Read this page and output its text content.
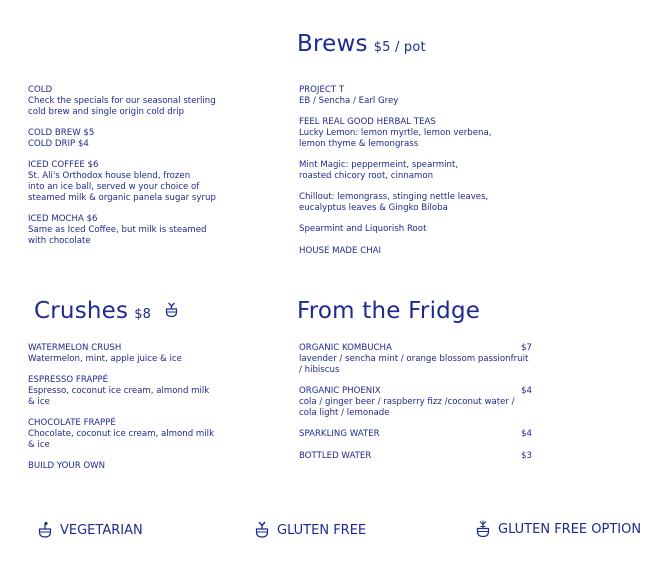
Brews $5 / pot
COLD
Check the specials for our seasonal sterling
cold brew and single origin cold drip
COLD BREW $5
COLD DRIP $4
ICED COFFEE $6
St. Ali's Orthodox house blend, frozen
into an ice ball, served w your choice of
steamed milk & organic panela sugar syrup
ICED MOCHA $6
Same as Iced Coffee, but milk is steamed
with chocolate
PROJECT T
EB / Sencha / Earl Grey
FEEL REAL GOOD HERBAL TEAS
Lucky Lemon: lemon myrtle, lemon verbena,
lemon thyme & lemongrass
Mint Magic: peppermeint, spearmint,
roasted chicory root, cinnamon
Chillout: lemongrass, stinging nettle leaves,
eucalyptus leaves & Gingko Biloba
Spearmint and Liquorish Root
HOUSE MADE CHAI
Crushes $8
WATERMELON CRUSH
Watermelon, mint, apple juice & ice
ESPRESSO FRAPPÉ
Espresso, coconut ice cream, almond milk
& ice
CHOCOLATE FRAPPÉ
Chocolate, coconut ice cream, almond milk
& ice
BUILD YOUR OWN
From the Fridge
ORGANIC KOMBUCHA	$7
lavender / sencha mint / orange blossom passionfruit
/ hibiscus
ORGANIC PHOENIX	$4
cola / ginger beer / raspberry fizz /coconut water /
cola light / lemonade
SPARKLING WATER	$4
BOTTLED WATER	$3
VEGETARIAN	GLUTEN FREE	GLUTEN FREE OPTION
